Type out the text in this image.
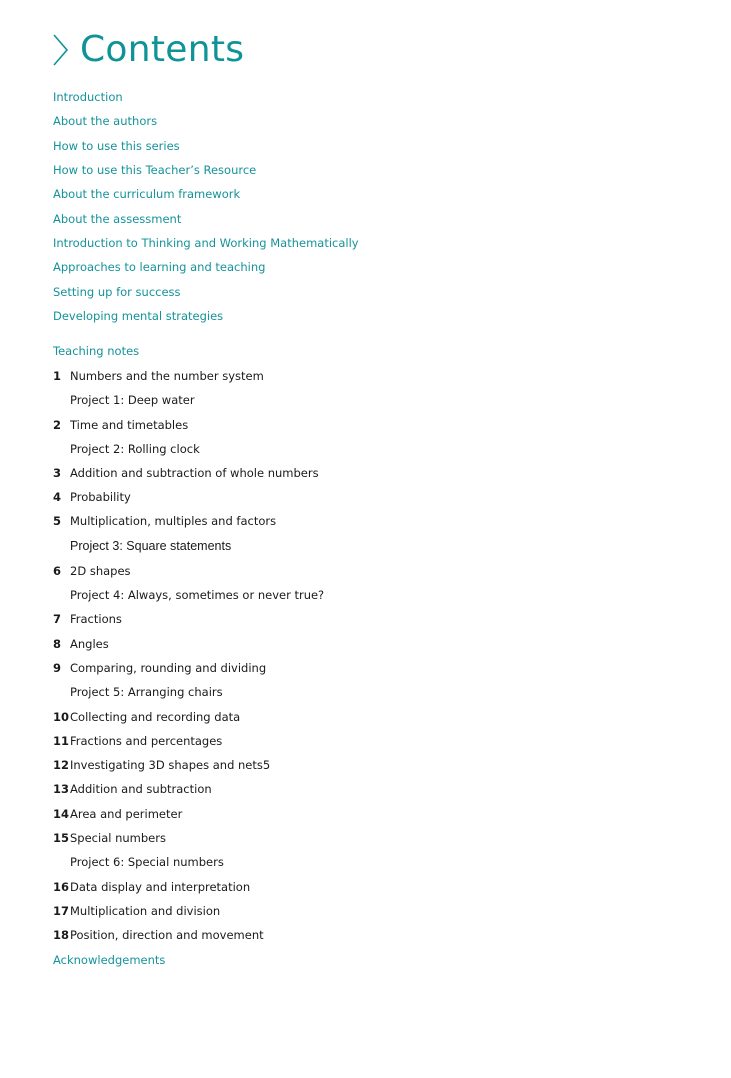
Contents
Introduction
About the authors
How to use this series
How to use this Teacher’s Resource
About the curriculum framework
About the assessment
Introduction to Thinking and Working Mathematically
Approaches to learning and teaching
Setting up for success
Developing mental strategies
Teaching notes
1 Numbers and the number system
Project 1: Deep water
2 Time and timetables
Project 2: Rolling clock
3 Addition and subtraction of whole numbers
4 Probability
5 Multiplication, multiples and factors
Project 3: Square statements
6 2D shapes
Project 4: Always, sometimes or never true?
7 Fractions
8 Angles
9 Comparing, rounding and dividing
Project 5: Arranging chairs
10 Collecting and recording data
11 Fractions and percentages
12 Investigating 3D shapes and nets5
13 Addition and subtraction
14 Area and perimeter
15 Special numbers
Project 6: Special numbers
16 Data display and interpretation
17 Multiplication and division
18 Position, direction and movement
Acknowledgements
